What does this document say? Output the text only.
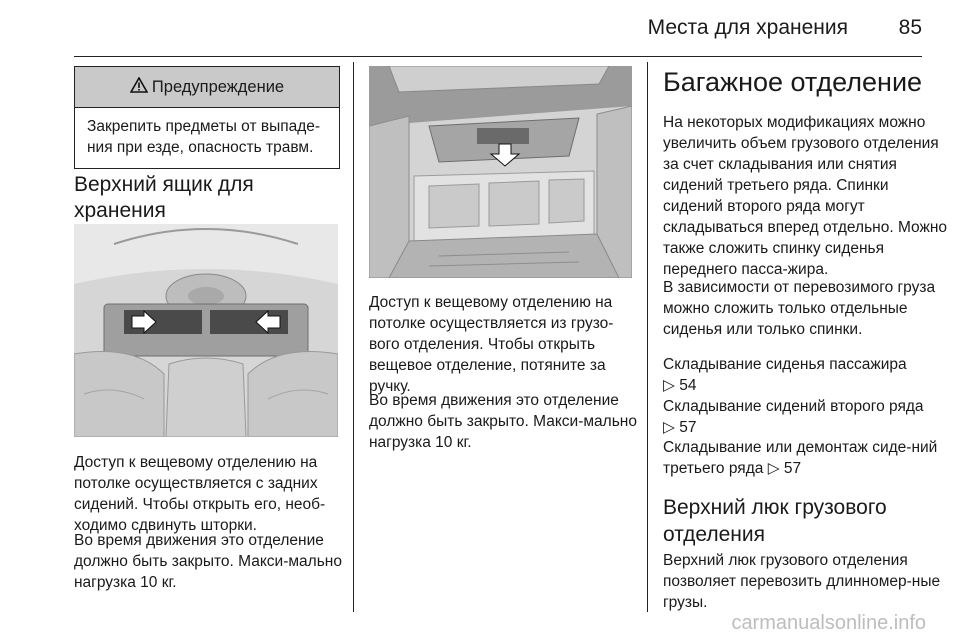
Места для хранения 85
Предупреждение
Закрепить предметы от выпаде-ния при езде, опасность травм.
Верхний ящик для хранения
Доступ к вещевому отделению на потолке осуществляется с задних сидений. Чтобы открыть его, необ-ходимо сдвинуть шторки.
Во время движения это отделение должно быть закрыто. Макси-мально нагрузка 10 кг.
Доступ к вещевому отделению на потолке осуществляется из грузо-вого отделения. Чтобы открыть вещевое отделение, потяните за ручку.
Во время движения это отделение должно быть закрыто. Макси-мально нагрузка 10 кг.
Багажное отделение
На некоторых модификациях можно увеличить объем грузового отделения за счет складывания или снятия сидений третьего ряда. Спинки сидений второго ряда могут складываться вперед отдельно. Можно также сложить спинку сиденья переднего пасса-жира.
В зависимости от перевозимого груза можно сложить только отдельные сиденья или только спинки.
Складывание сиденья пассажира
▷ 54
Складывание сидений второго ряда
▷ 57
Складывание или демонтаж сиде-ний третьего ряда ▷ 57
Верхний люк грузового отделения
Верхний люк грузового отделения позволяет перевозить длинномер-ные грузы.
carmanualsonline.info
